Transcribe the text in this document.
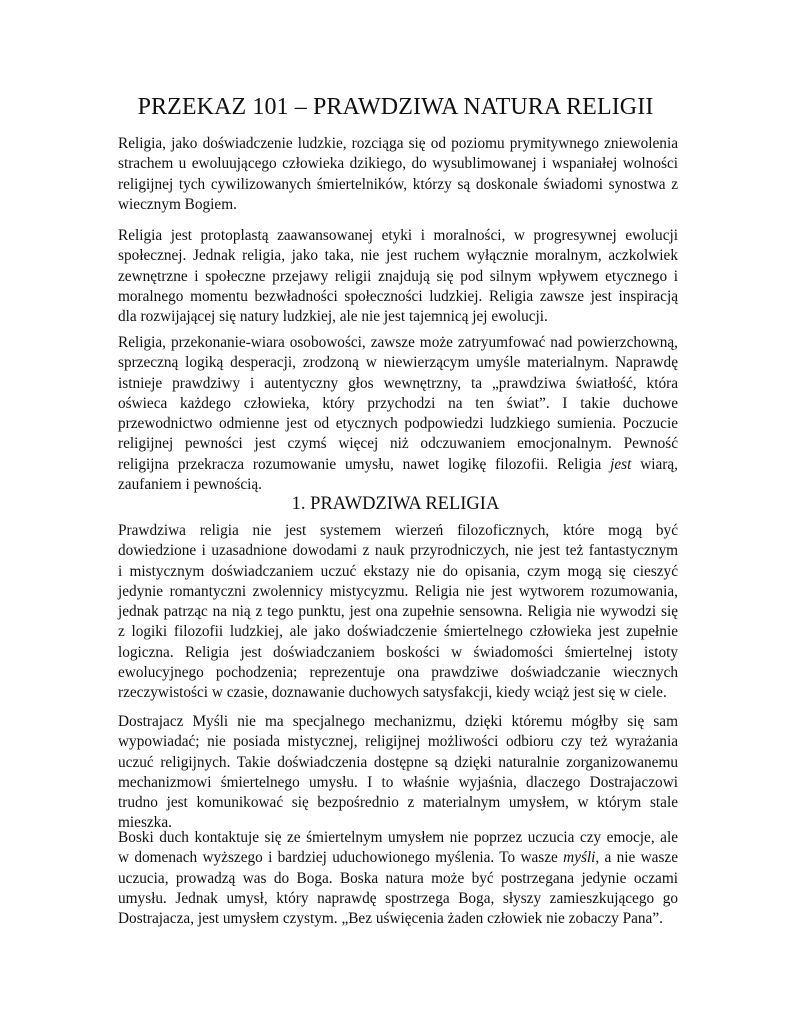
PRZEKAZ 101 – PRAWDZIWA NATURA RELIGII
Religia, jako doświadczenie ludzkie, rozciąga się od poziomu prymitywnego zniewolenia
strachem u ewoluującego człowieka dzikiego, do wysublimowanej i wspaniałej wolności
religijnej tych cywilizowanych śmiertelników, którzy są doskonale świadomi synostwa z
wiecznym Bogiem.
Religia jest protoplastą zaawansowanej etyki i moralności, w progresywnej ewolucji
społecznej. Jednak religia, jako taka, nie jest ruchem wyłącznie moralnym, aczkolwiek
zewnętrzne i społeczne przejawy religii znajdują się pod silnym wpływem etycznego i
moralnego momentu bezwładności społeczności ludzkiej. Religia zawsze jest inspiracją
dla rozwijającej się natury ludzkiej, ale nie jest tajemnicą jej ewolucji.
Religia, przekonanie-wiara osobowości, zawsze może zatryumfować nad powierzchowną,
sprzeczną logiką desperacji, zrodzoną w niewierzącym umyśle materialnym. Naprawdę
istnieje prawdziwy i autentyczny głos wewnętrzny, ta „prawdziwa światłość, która
oświeca każdego człowieka, który przychodzi na ten świat”. I takie duchowe
przewodnictwo odmienne jest od etycznych podpowiedzi ludzkiego sumienia. Poczucie
religijnej pewności jest czymś więcej niż odczuwaniem emocjonalnym. Pewność
religijna przekracza rozumowanie umysłu, nawet logikę filozofii. Religia jest wiarą,
zaufaniem i pewnością.
1. PRAWDZIWA RELIGIA
Prawdziwa religia nie jest systemem wierzeń filozoficznych, które mogą być
dowiedzione i uzasadnione dowodami z nauk przyrodniczych, nie jest też fantastycznym
i mistycznym doświadczaniem uczuć ekstazy nie do opisania, czym mogą się cieszyć
jedynie romantyczni zwolennicy mistycyzmu. Religia nie jest wytworem rozumowania,
jednak patrząc na nią z tego punktu, jest ona zupełnie sensowna. Religia nie wywodzi się
z logiki filozofii ludzkiej, ale jako doświadczenie śmiertelnego człowieka jest zupełnie
logiczna. Religia jest doświadczaniem boskości w świadomości śmiertelnej istoty
ewolucyjnego pochodzenia; reprezentuje ona prawdziwe doświadczanie wiecznych
rzeczywistości w czasie, doznawanie duchowych satysfakcji, kiedy wciąż jest się w ciele.
Dostrajacz Myśli nie ma specjalnego mechanizmu, dzięki któremu mógłby się sam
wypowiadać; nie posiada mistycznej, religijnej możliwości odbioru czy też wyrażania
uczuć religijnych. Takie doświadczenia dostępne są dzięki naturalnie zorganizowanemu
mechanizmowi śmiertelnego umysłu. I to właśnie wyjaśnia, dlaczego Dostrajaczowi
trudno jest komunikować się bezpośrednio z materialnym umysłem, w którym stale
mieszka.
Boski duch kontaktuje się ze śmiertelnym umysłem nie poprzez uczucia czy emocje, ale
w domenach wyższego i bardziej uduchowionego myślenia. To wasze myśli, a nie wasze
uczucia, prowadzą was do Boga. Boska natura może być postrzegana jedynie oczami
umysłu. Jednak umysł, który naprawdę spostrzega Boga, słyszy zamieszkującego go
Dostrajacza, jest umysłem czystym. „Bez uświęcenia żaden człowiek nie zobaczy Pana”.
